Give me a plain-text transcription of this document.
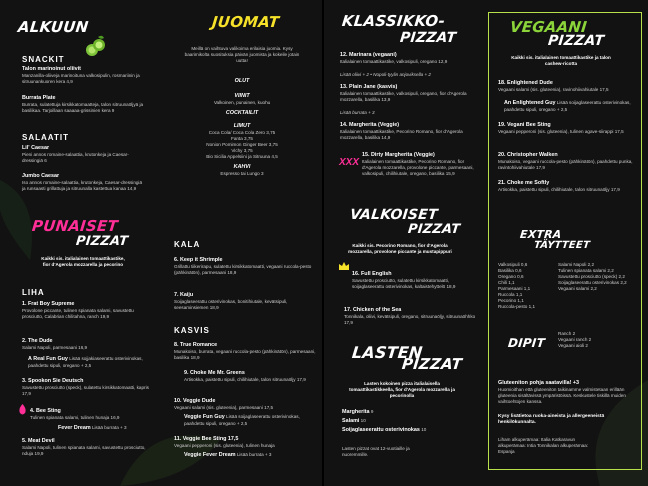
ALKUUN
SNACKIT
Talon marinoinut oliivit
Manzanilla-oliiveja marinoituna valkosipulin, rosmariinin ja sitruunankuoren kera 4,9
Burrata Plate
Burrata, sulatettuja kirsikkatomaatteja, talon sitruunaöljyä ja basilikaa. Tarjoillaan saaaaa-grissinien kera 9
SALAATIT
Lil' Caesar
Pieni annos romaine-salaattia, krutonkeja ja Caesar-dressingiä 6
Jumbo Caesar
Iso annos romaine-salaattia, krutonkeja, Caesar-dressingiä ja runsaasti grillattuja ja sitruunalla kastettua kanaa 14,9
PUNAISET
PIZZAT
Kaikki sis. italialainen tomaattikastike, fior d'Agerola mozzarella ja pecorino
LIHA
1. Frat Boy Supreme
Provolone piccante, tulinen spianata salami, savustettu prosciutto, Calabrian chilitahna, ranch 19,9
2. The Dude
Salami Napoli, parmesaani 16,9
A Real Fun Guy Lisää sojjakiaseerattu osterivinokas, paahdettu sipuli, oregano + 2,5
3. Spookon Sie Deutsch
Savustettu prosciutto (speck), sulatettu kirsikkatomaatti, kapris 17,9
4. Bee Sting
Tulinen spianata salami, tulinen hunaja 16,9
Fever Dream Lisää burrata + 3
5. Meat Devil
Salami Napoli, tulinen spianata salami, savustettu prosciutto, nduja 19,9
JUOMAT
Meillä on vaihtuva valikoima erilaisia juomia. Kysy baarimikolta suosituksia päivän juomista ja kokeile jotain uutta!
OLUT
VIINIT
Valkoinen, punainen, kuohu
COCKTAILIT
LIMUT
Coca Cola/ Coca Cola Zero 3,75
Fanta 3,75
Nonion Pomimon Ginger Beer 3,75
Vichy 3,75
Bio Sicilia Appelsiini ja Sitruuna 4,5
KAHVI
Espresso tai Lungo 3
KALA
6. Keep it Shrimple
Grillattu tiikerirapu, sulatettu kirsikkatomaatti, vegaani ruccola-pesto (pähkinätön), parmesaani 18,9
7. Kaiju
Soijaglaseerattu osterivinokas, bonitihiutale, kevätsipuli, seesaminsiemen 18,9
KASVIS
8. True Romance
Munakoiso, burrata, vegaani ruccola-pesto (pähkinätön), parmesaani, basilika 18,9
9. Choke Me Mr. Greens
Artisokka, paistettu sipuli, chilihiutale, talon sitruunaöljy 17,9
10. Veggie Dude
Vegaani salami (sis. gluteenia), parmesaani 17,5
Veggie Fun Guy Lisää soijaglaseerattu osterivinokas, paahdettu sipuli, oregano + 2,5
11. Veggie Bee Sting 17,5
Vegaani pepperoni (sis. gluteenia), tulinen hunaja
Veggie Fever Dream Lisää burrata + 3
KLASSIKKO-
PIZZAT
12. Marinara (vegaani)
Italialainen tomaattikastike, valkosipuli, oregano 12,9
Lisää oliivi + 2 • Nopoli-tyylin anjoviksella + 2
13. Plain Jane (kasvis)
Italialainen tomaattikastike, valkosipuli, oregano, fior d'Agerola mozzarella, basilika 13,9
Lisää burrata + 3
14. Margherita (Veggie)
Italialainen tomaattikastike, Pecorino Romano, fior d'Agerola mozzarella, basilika 14,9
XXX
15. Dirty Margherita (Veggie)
Italialainen tomaattikastike, Pecorino Romano, fior d'Agerola mozzarella, provolone piccante, parmesaani, valkosipuli, chilihiutale, oregano, basilika 15,9
VALKOISET
PIZZAT
Kaikki sis. Pecorino Romano, fior d'Agerola mozzarella, provolone piccante ja mustapippuri
16. Full English
Savustettu prosciutto, sulatettu kirsikkatomaatti, soijaglaseerattu osterivinokas, kaltaistehyttelö 18,9
17. Chicken of the Sea
Tonnikala, oliivi, kevätsipuli, oregano, sitruunaöljy, sitruunaöhhko 17,9
LASTEN
PIZZAT
Lasten kokoinen pizza italialaisella tomaattikastikkeella, fior d'Agerola mozzarella ja pecorinolla
Margherita 9
Salami 10
Soijaglaseerattu osterivinokas 10
Lasten pizzat ovat 12-vuotiaille ja nuoremmille.
VEGAANI
PIZZAT
Kaikki sis. italialainen tomaattikastike ja talon cashew-ricotta
18. Enlightened Dude
Vegaani salami (sis. gluteenia), ravinohiivahiutale 17,5
An Enlightened Guy Lisää soijaglaseerattu osterivinokas, paahdettu sipuli, oregano + 2,5
19. Vegani Bee Sting
Vegaani pepperoni (sis. gluteenia), tulinen agave-siirappi 17,5
20. Christopher Walken
Munakoiso, vegaani ruccola-pesto (pähkinätön), paahdettu punka, ravintohiivahiutale 17,9
21. Choke me Softly
Artisokka, paistettu sipuli, chilihiutale, talon sitruunaöljy 17,9
EXTRA
TÄYTTEET
Valkosipuli 0,6
Basilika 0,6
Oregano 0,6
Chili 1,1
Parmesaani 1,1
Ruccola 1,1
Pecorino 1,1
Ruccola-pesto 1,1
Salami Napoli 2,2
Tulinen spianata salami 2,2
Savustettu prosciutto (speck) 2,2
Soijaglaseerattu osterivinokas 2,2
Vegaani salami 2,2
DIPIT
Ranch 2
Vegaani ranch 2
Vegaani aioli 2
Gluteeniton pohja saatavilla! +3
Huomioithan että gluteeniton taikinamme valmistetaan erillään gluteenia sisältävissä ympäristöissä. Keskustele tiskillä muiden vaihtoehtojen kanssa.
Kysy lisätietoa ruoka-aineista ja allergeeneistä henkilökunnalta.
Liham alkuperämaa: Italia Katkaravun alkuperämaa: Intia Tonnikalan alkuperämaa: Espanja
